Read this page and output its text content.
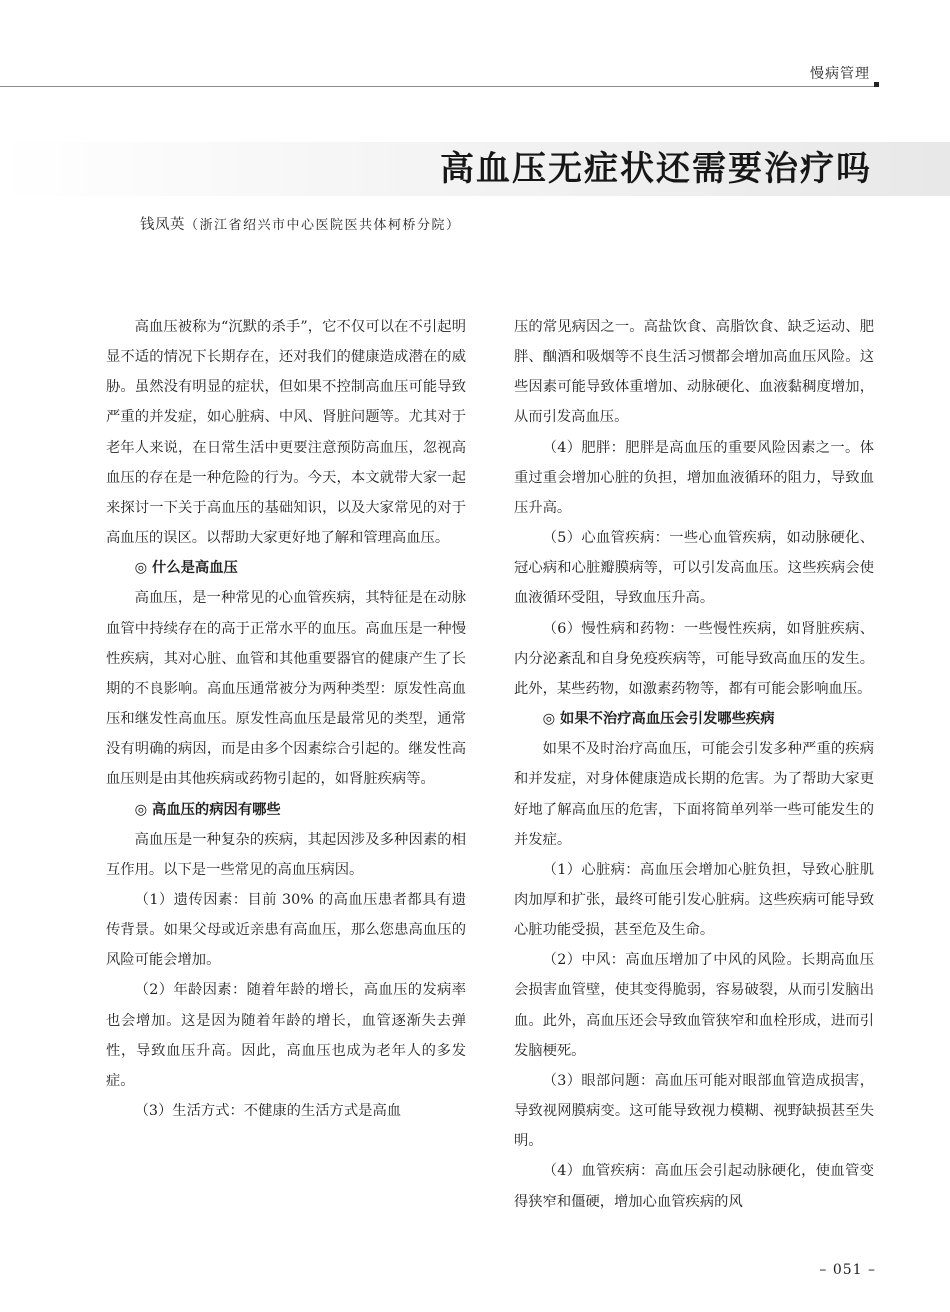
慢病管理
高血压无症状还需要治疗吗
钱凤英（浙江省绍兴市中心医院医共体柯桥分院）

高血压被称为“沉默的杀手”，它不仅可以在不引起明显不适的情况下长期存在，还对我们的健康造成潜在的威胁。虽然没有明显的症状，但如果不控制高血压可能导致严重的并发症，如心脏病、中风、肾脏问题等。尤其对于老年人来说，在日常生活中更要注意预防高血压，忽视高血压的存在是一种危险的行为。今天，本文就带大家一起来探讨一下关于高血压的基础知识，以及大家常见的对于高血压的误区。以帮助大家更好地了解和管理高血压。

◎ 什么是高血压

高血压，是一种常见的心血管疾病，其特征是在动脉血管中持续存在的高于正常水平的血压。高血压是一种慢性疾病，其对心脏、血管和其他重要器官的健康产生了长期的不良影响。高血压通常被分为两种类型：原发性高血压和继发性高血压。原发性高血压是最常见的类型，通常没有明确的病因，而是由多个因素综合引起的。继发性高血压则是由其他疾病或药物引起的，如肾脏疾病等。

◎ 高血压的病因有哪些

高血压是一种复杂的疾病，其起因涉及多种因素的相互作用。以下是一些常见的高血压病因。

（1）遗传因素：目前 30% 的高血压患者都具有遗传背景。如果父母或近亲患有高血压，那么您患高血压的风险可能会增加。

（2）年龄因素：随着年龄的增长，高血压的发病率也会增加。这是因为随着年龄的增长，血管逐渐失去弹性，导致血压升高。因此，高血压也成为老年人的多发症。

（3）生活方式：不健康的生活方式是高血

压的常见病因之一。高盐饮食、高脂饮食、缺乏运动、肥胖、酗酒和吸烟等不良生活习惯都会增加高血压风险。这些因素可能导致体重增加、动脉硬化、血液黏稠度增加，从而引发高血压。

（4）肥胖：肥胖是高血压的重要风险因素之一。体重过重会增加心脏的负担，增加血液循环的阻力，导致血压升高。

（5）心血管疾病：一些心血管疾病，如动脉硬化、冠心病和心脏瓣膜病等，可以引发高血压。这些疾病会使血液循环受阻，导致血压升高。

（6）慢性病和药物：一些慢性疾病，如肾脏疾病、内分泌紊乱和自身免疫疾病等，可能导致高血压的发生。此外，某些药物，如激素药物等，都有可能会影响血压。

◎ 如果不治疗高血压会引发哪些疾病

如果不及时治疗高血压，可能会引发多种严重的疾病和并发症，对身体健康造成长期的危害。为了帮助大家更好地了解高血压的危害，下面将简单列举一些可能发生的并发症。

（1）心脏病：高血压会增加心脏负担，导致心脏肌肉加厚和扩张，最终可能引发心脏病。这些疾病可能导致心脏功能受损，甚至危及生命。

（2）中风：高血压增加了中风的风险。长期高血压会损害血管壁，使其变得脆弱，容易破裂，从而引发脑出血。此外，高血压还会导致血管狭窄和血栓形成，进而引发脑梗死。

（3）眼部问题：高血压可能对眼部血管造成损害，导致视网膜病变。这可能导致视力模糊、视野缺损甚至失明。

（4）血管疾病：高血压会引起动脉硬化，使血管变得狭窄和僵硬，增加心血管疾病的风

– 051 –
